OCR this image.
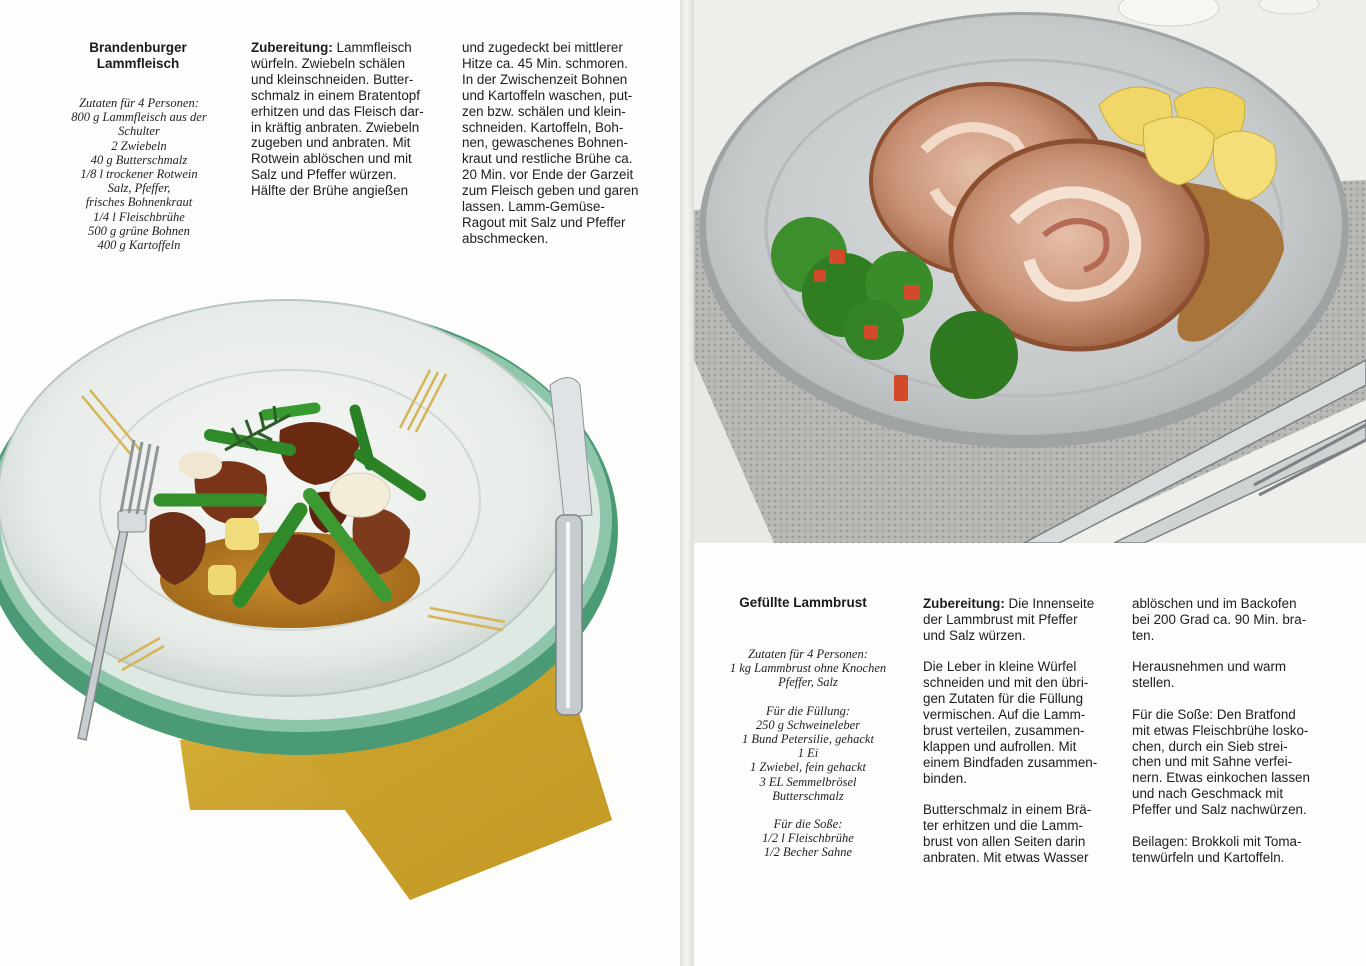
Brandenburger
Lammfleisch
Zutaten für 4 Personen:
800 g Lammfleisch aus der
Schulter
2 Zwiebeln
40 g Butterschmalz
1/8 l trockener Rotwein
Salz, Pfeffer,
frisches Bohnenkraut
1/4 l Fleischbrühe
500 g grüne Bohnen
400 g Kartoffeln
Zubereitung: Lammfleisch
würfeln. Zwiebeln schälen
und kleinschneiden. Butter-
schmalz in einem Bratentopf
erhitzen und das Fleisch dar-
in kräftig anbraten. Zwiebeln
zugeben und anbraten. Mit
Rotwein ablöschen und mit
Salz und Pfeffer würzen.
Hälfte der Brühe angießen
und zugedeckt bei mittlerer
Hitze ca. 45 Min. schmoren.
In der Zwischenzeit Bohnen
und Kartoffeln waschen, put-
zen bzw. schälen und klein-
schneiden. Kartoffeln, Boh-
nen, gewaschenes Bohnen-
kraut und restliche Brühe ca.
20 Min. vor Ende der Garzeit
zum Fleisch geben und garen
lassen. Lamm-Gemüse-
Ragout mit Salz und Pfeffer
abschmecken.
Gefüllte Lammbrust
Zutaten für 4 Personen:
1 kg Lammbrust ohne Knochen
Pfeffer, Salz
Für die Füllung:
250 g Schweineleber
1 Bund Petersilie, gehackt
1 Ei
1 Zwiebel, fein gehackt
3 EL Semmelbrösel
Butterschmalz
Für die Soße:
1/2 l Fleischbrühe
1/2 Becher Sahne
Zubereitung: Die Innenseite
der Lammbrust mit Pfeffer
und Salz würzen.
Die Leber in kleine Würfel
schneiden und mit den übri-
gen Zutaten für die Füllung
vermischen. Auf die Lamm-
brust verteilen, zusammen-
klappen und aufrollen. Mit
einem Bindfaden zusammen-
binden.
Butterschmalz in einem Brä-
ter erhitzen und die Lamm-
brust von allen Seiten darin
anbraten. Mit etwas Wasser
ablöschen und im Backofen
bei 200 Grad ca. 90 Min. bra-
ten.
Herausnehmen und warm
stellen.
Für die Soße: Den Bratfond
mit etwas Fleischbrühe losko-
chen, durch ein Sieb strei-
chen und mit Sahne verfei-
nern. Etwas einkochen lassen
und nach Geschmack mit
Pfeffer und Salz nachwürzen.
Beilagen: Brokkoli mit Toma-
tenwürfeln und Kartoffeln.
